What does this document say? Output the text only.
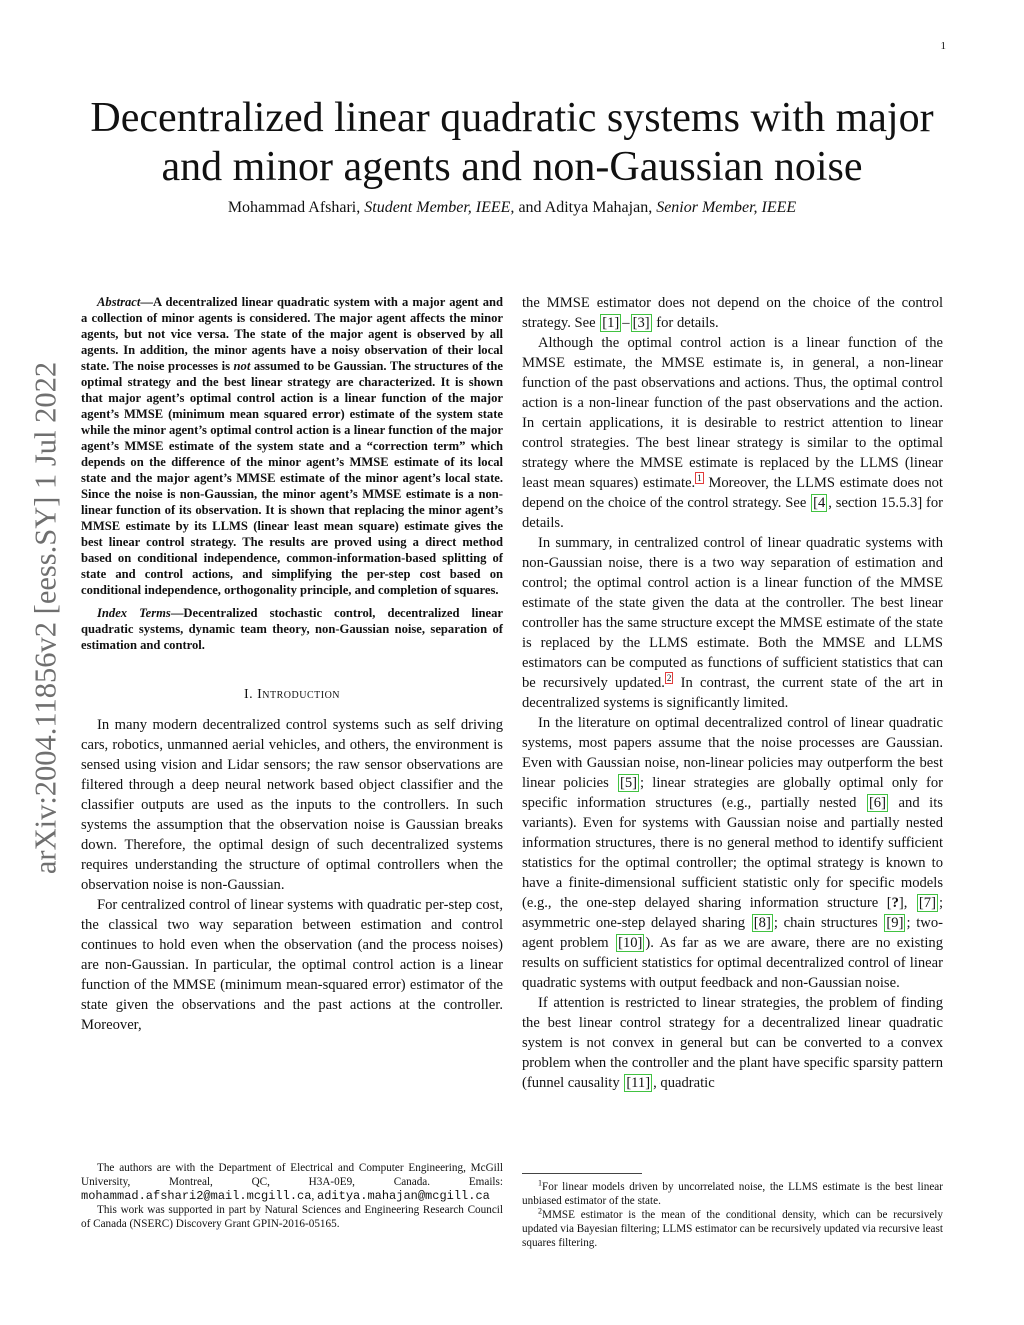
1
arXiv:2004.11856v2 [eess.SY] 1 Jul 2022
Decentralized linear quadratic systems with major
and minor agents and non-Gaussian noise
Mohammad Afshari, Student Member, IEEE, and Aditya Mahajan, Senior Member, IEEE

Abstract—A decentralized linear quadratic system with a major agent and a collection of minor agents is considered. The major agent affects the minor agents, but not vice versa. The state of the major agent is observed by all agents. In addition, the minor agents have a noisy observation of their local state. The noise processes is not assumed to be Gaussian. The structures of the optimal strategy and the best linear strategy are characterized. It is shown that major agent’s optimal control action is a linear function of the major agent’s MMSE (minimum mean squared error) estimate of the system state while the minor agent’s optimal control action is a linear function of the major agent’s MMSE estimate of the system state and a “correction term” which depends on the difference of the minor agent’s MMSE estimate of its local state and the major agent’s MMSE estimate of the minor agent’s local state. Since the noise is non-Gaussian, the minor agent’s MMSE estimate is a non-linear function of its observation. It is shown that replacing the minor agent’s MMSE estimate by its LLMS (linear least mean square) estimate gives the best linear control strategy. The results are proved using a direct method based on conditional independence, common-information-based splitting of state and control actions, and simplifying the per-step cost based on conditional independence, orthogonality principle, and completion of squares.

Index Terms—Decentralized stochastic control, decentralized linear quadratic systems, dynamic team theory, non-Gaussian noise, separation of estimation and control.

I. Introduction

In many modern decentralized control systems such as self driving cars, robotics, unmanned aerial vehicles, and others, the environment is sensed using vision and Lidar sensors; the raw sensor observations are filtered through a deep neural network based object classifier and the classifier outputs are used as the inputs to the controllers. In such systems the assumption that the observation noise is Gaussian breaks down. Therefore, the optimal design of such decentralized systems requires understanding the structure of optimal controllers when the observation noise is non-Gaussian.

For centralized control of linear systems with quadratic per-step cost, the classical two way separation between estimation and control continues to hold even when the observation (and the process noises) are non-Gaussian. In particular, the optimal control action is a linear function of the MMSE (minimum mean-squared error) estimator of the state given the observations and the past actions at the controller. Moreover,

the MMSE estimator does not depend on the choice of the control strategy. See [1] – [3] for details.

Although the optimal control action is a linear function of the MMSE estimate, the MMSE estimate is, in general, a non-linear function of the past observations and actions. Thus, the optimal control action is a non-linear function of the past observations and the action. In certain applications, it is desirable to restrict attention to linear control strategies. The best linear strategy is similar to the optimal strategy where the MMSE estimate is replaced by the LLMS (linear least mean squares) estimate. $^1$ Moreover, the LLMS estimate does not depend on the choice of the control strategy. See [4 , section 15.5.3] for details.

In summary, in centralized control of linear quadratic systems with non-Gaussian noise, there is a two way separation of estimation and control; the optimal control action is a linear function of the MMSE estimate of the state given the data at the controller. The best linear controller has the same structure except the MMSE estimate of the state is replaced by the LLMS estimate. Both the MMSE and LLMS estimators can be computed as functions of sufficient statistics that can be recursively updated. $^2$ In contrast, the current state of the art in decentralized systems is significantly limited.

In the literature on optimal decentralized control of linear quadratic systems, most papers assume that the noise processes are Gaussian. Even with Gaussian noise, non-linear policies may outperform the best linear policies [5] ; linear strategies are globally optimal only for specific information structures (e.g., partially nested [6] and its variants). Even for systems with Gaussian noise and partially nested information structures, there is no general method to identify sufficient statistics for the optimal controller; the optimal strategy is known to have a finite-dimensional sufficient statistic only for specific models (e.g., the one-step delayed sharing information structure [?], [7] ; asymmetric one-step delayed sharing [8] ; chain structures [9] ; two-agent problem [10] ). As far as we are aware, there are no existing results on sufficient statistics for optimal decentralized control of linear quadratic systems with output feedback and non-Gaussian noise.

If attention is restricted to linear strategies, the problem of finding the best linear control strategy for a decentralized linear quadratic system is not convex in general but can be converted to a convex problem when the controller and the plant have specific sparsity pattern (funnel causality [11] , quadratic

The authors are with the Department of Electrical and Computer Engineering, McGill University, Montreal, QC, H3A-0E9, Canada. Emails: mohammad.afshari2@mail.mcgill.ca, aditya.mahajan@mcgill.ca

This work was supported in part by Natural Sciences and Engineering Research Council of Canada (NSERC) Discovery Grant GPIN-2016-05165.

$^1$For linear models driven by uncorrelated noise, the LLMS estimate is the best linear unbiased estimator of the state.

$^2$MMSE estimator is the mean of the conditional density, which can be recursively updated via Bayesian filtering; LLMS estimator can be recursively updated via recursive least squares filtering.
